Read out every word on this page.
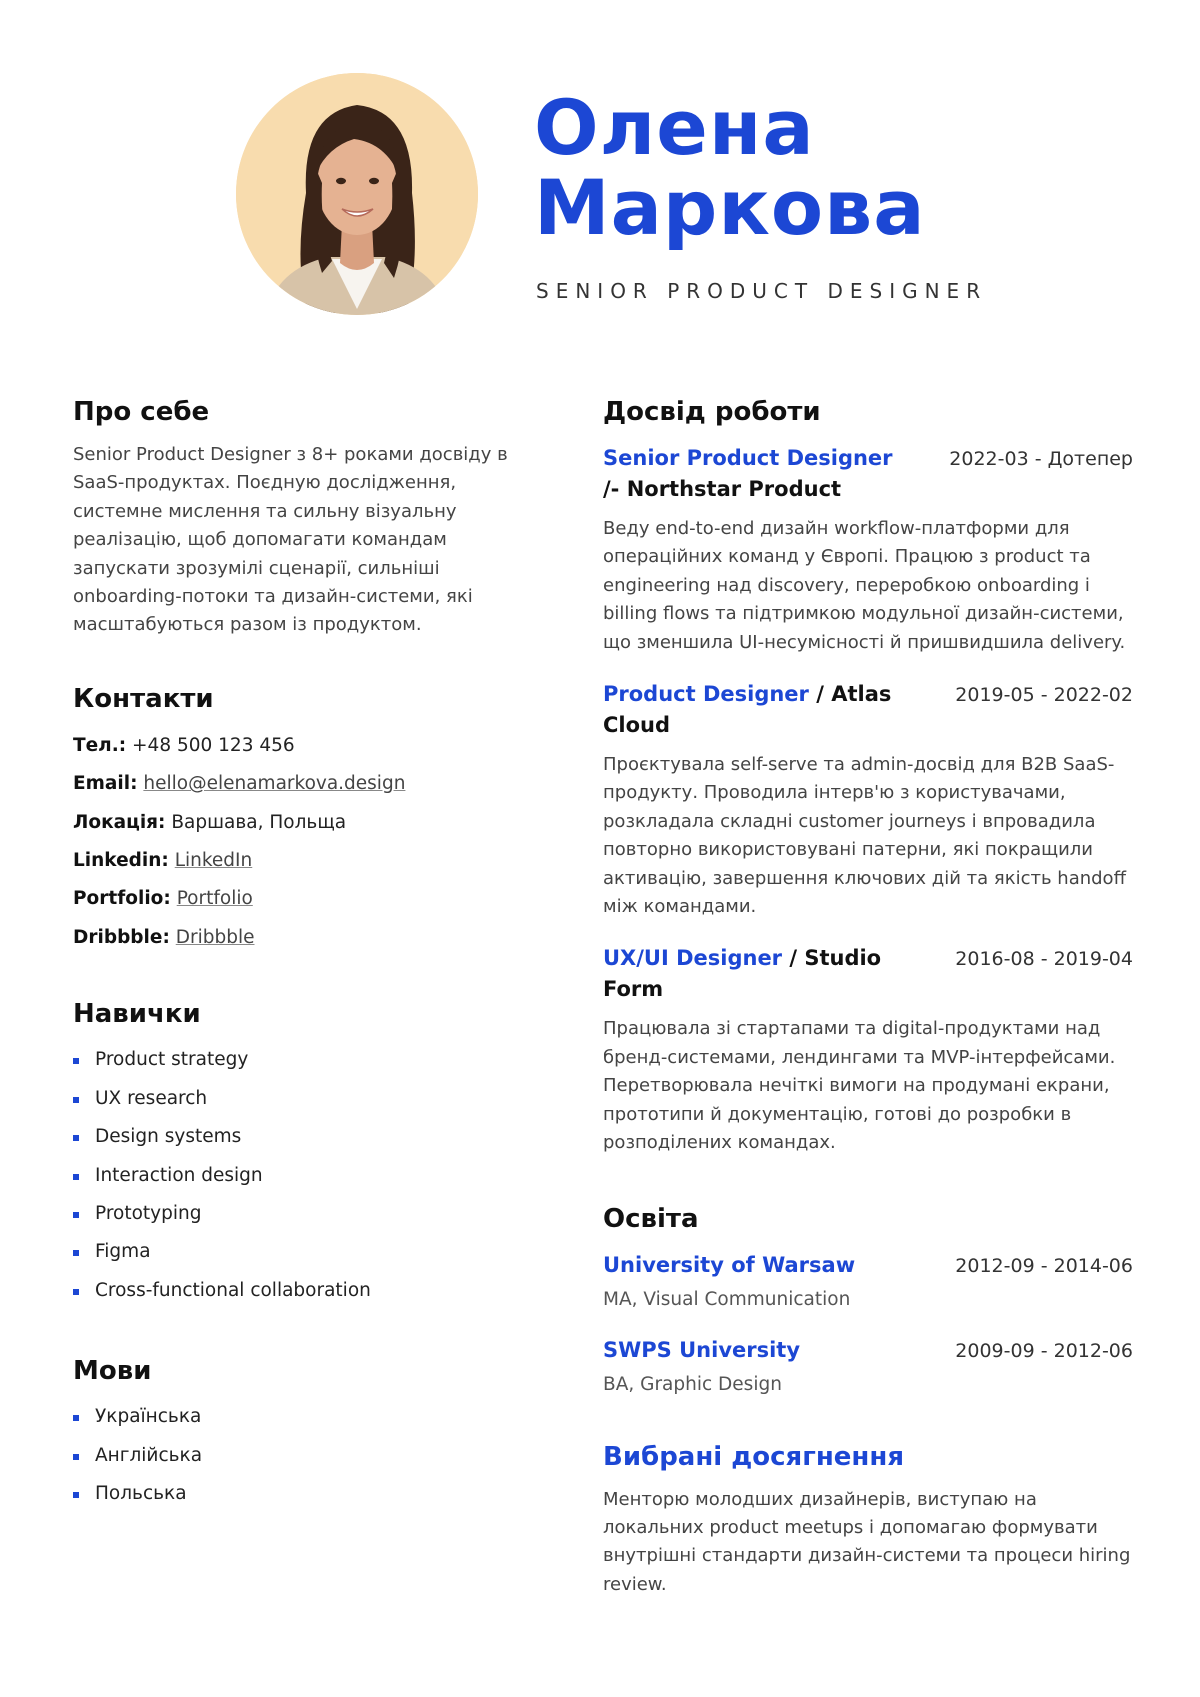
Олена
Маркова
SENIOR PRODUCT DESIGNER
Про себе

Senior Product Designer з 8+ роками досвіду в SaaS-продуктах. Поєдную дослідження, системне мислення та сильну візуальну реалізацію, щоб допомагати командам запускати зрозумілі сценарії, сильніші onboarding-потоки та дизайн-системи, які масштабуються разом із продуктом.

Контакти
Тел.: +48 500 123 456
Email: hello@elenamarkova.design
Локація: Варшава, Польща
Linkedin: LinkedIn
Portfolio: Portfolio
Dribbble: Dribbble
Навички
Product strategy
UX research
Design systems
Interaction design
Prototyping
Figma
Cross-functional collaboration
Мови
Українська
Англійська
Польська
Досвід роботи
Senior Product Designer /- Northstar Product
2022-03 - Дотепер

Веду end-to-end дизайн workflow-платформи для операційних команд у Європі. Працюю з product та engineering над discovery, переробкою onboarding і billing flows та підтримкою модульної дизайн-системи, що зменшила UI-несумісності й пришвидшила delivery.

Product Designer / Atlas Cloud
2019-05 - 2022-02

Проєктувала self-serve та admin-досвід для B2B SaaS-продукту. Проводила інтерв'ю з користувачами, розкладала складні customer journeys і впровадила повторно використовувані патерни, які покращили активацію, завершення ключових дій та якість handoff між командами.

UX/UI Designer / Studio Form
2016-08 - 2019-04

Працювала зі стартапами та digital-продуктами над бренд-системами, лендингами та MVP-інтерфейсами. Перетворювала нечіткі вимоги на продумані екрани, прототипи й документацію, готові до розробки в розподілених командах.

Освіта
University of Warsaw	2012-09 - 2014-06
MA, Visual Communication
SWPS University	2009-09 - 2012-06
BA, Graphic Design
Вибрані досягнення

Менторю молодших дизайнерів, виступаю на локальних product meetups і допомагаю формувати внутрішні стандарти дизайн-системи та процеси hiring review.
